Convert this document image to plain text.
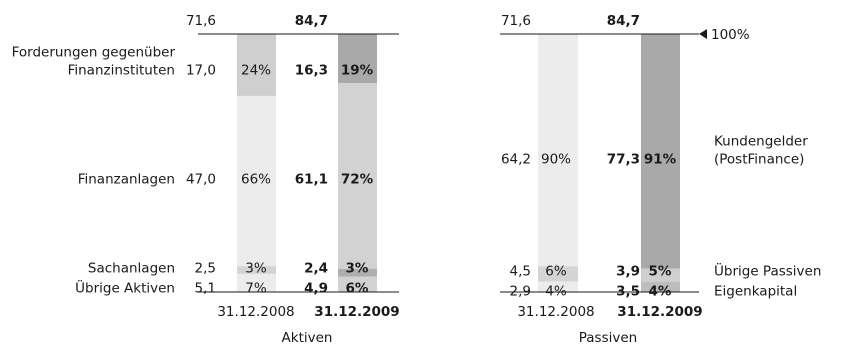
71,6	84,7
17,0 24% 16,3 19%
Forderungen gegenüber
Finanzinstituten
47,0 66% 61,1 72%
Finanzanlagen
2,5 3%	2,4 3%
Sachanlagen
5,1 7%	4,9 6%
Übrige Aktiven
31.12.2008 31.12.2009
Aktiven
71,6	84,7
64,2 90%	77,3 91%
Kundengelder
(PostFinance)
4,5 6%	3,9 5%	Übrige Passiven
2,9 4%	3,5 4%	Eigenkapital
31.12.2008 31.12.2009
Passiven
100%
